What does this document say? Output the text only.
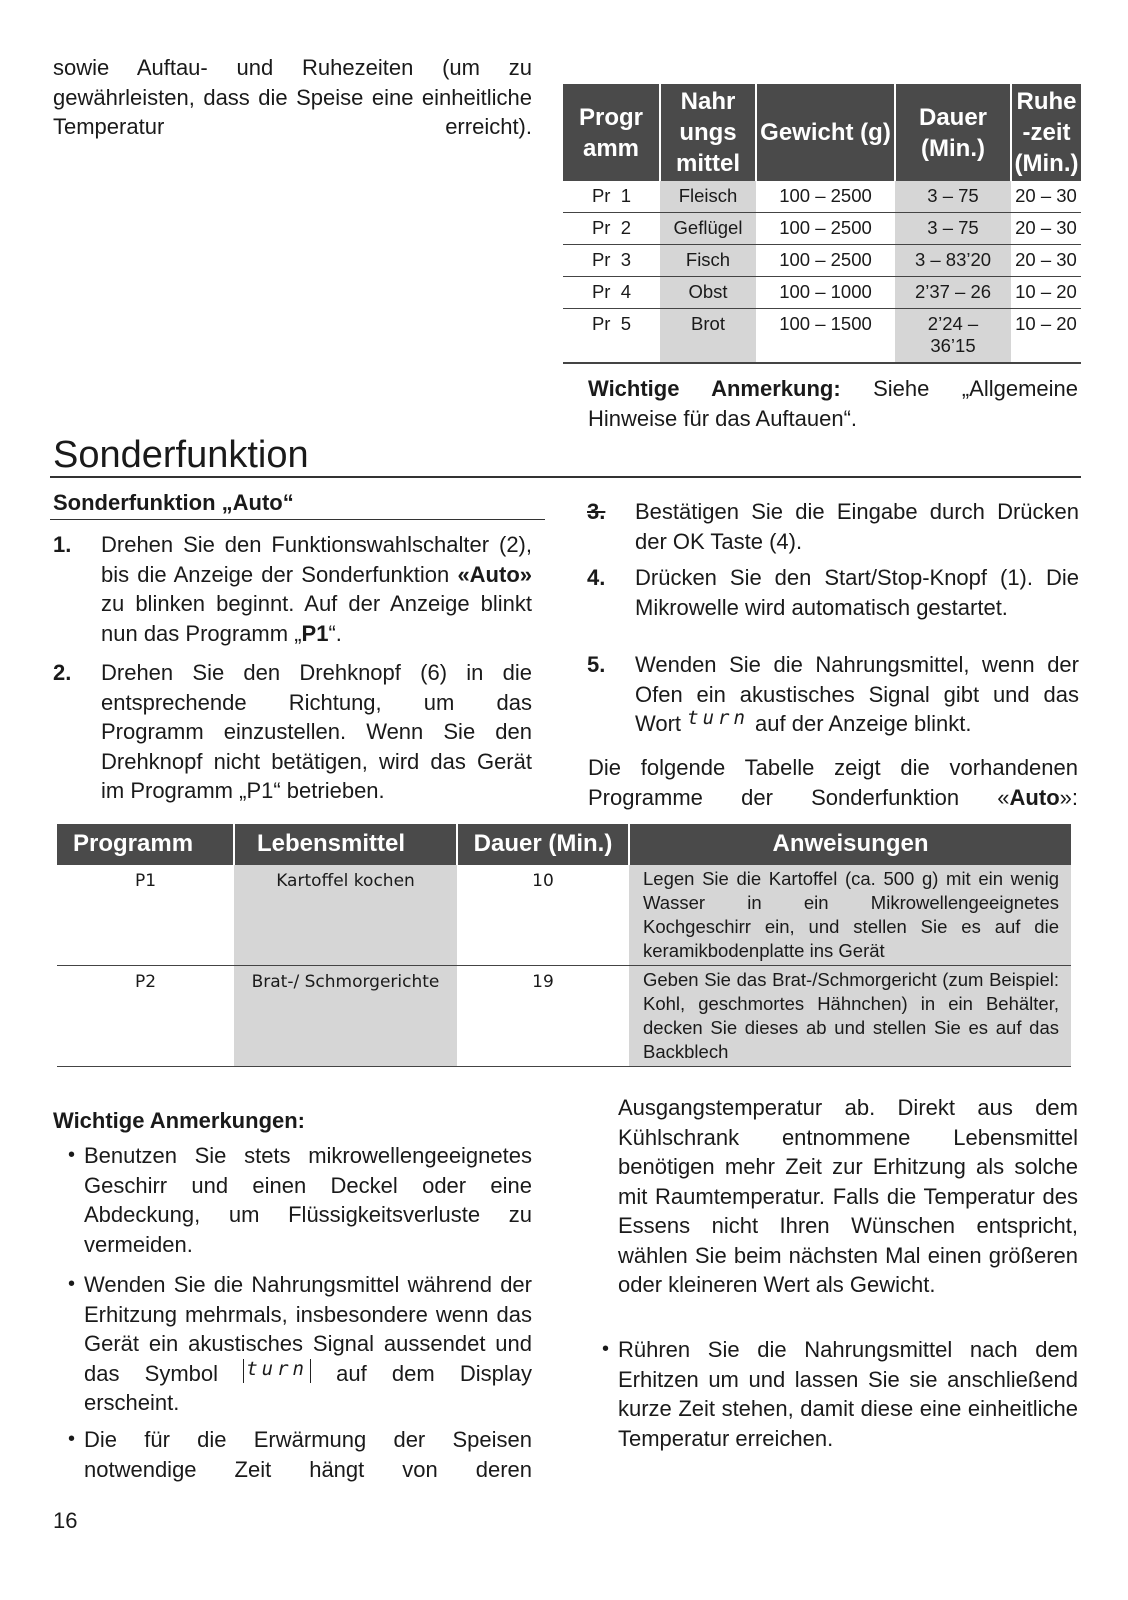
sowie Auftau- und Ruhezeiten (um zu gewährleisten, dass die Speise eine einheitliche Temperatur erreicht). Progr amm	Nahr ungs mittel	Gewicht (g)	Dauer (Min.)	Ruhe -zeit (Min.)
Pr  1	Fleisch	100 – 2500	3 – 75	20 – 30
Pr  2	Geflügel	100 – 2500	3 – 75	20 – 30
Pr  3	Fisch	100 – 2500	3 – 83’20	20 – 30
Pr  4	Obst	100 – 1000	2’37 – 26	10 – 20
Pr  5	Brot	100 – 1500	2’24 – 36’15	10 – 20

Wichtige Anmerkung: Siehe „Allgemeine Hinweise für das Auftauen“.

Sonderfunktion
Sonderfunktion „Auto“
1. Drehen Sie den Funktionswahlschalter (2), bis die Anzeige der Sonderfunktion «Auto» zu blinken beginnt. Auf der Anzeige blinkt nun das Programm „P1“.

2. Drehen Sie den Drehknopf (6) in die entsprechende Richtung, um das Programm einzustellen. Wenn Sie den Drehknopf nicht betätigen, wird das Gerät im Programm „P1“ betrieben.

3. Bestätigen Sie die Eingabe durch Drücken der OK Taste (4).

4. Drücken Sie den Start/Stop-Knopf (1). Die Mikrowelle wird automatisch gestartet.

5. Wenden Sie die Nahrungsmittel, wenn der Ofen ein akustisches Signal gibt und das Wort turn auf der Anzeige blinkt.

Die folgende Tabelle zeigt die vorhandenen Programme der Sonderfunktion «Auto»:

Programm	Lebensmittel	Dauer (Min.)	Anweisungen
P1	Kartoffel kochen	10	Legen Sie die Kartoffel (ca. 500 g) mit ein wenig Wasser in ein Mikrowellengeeignetes Kochgeschirr ein, und stellen Sie es auf die keramikbodenplatte ins Gerät
P2	Brat-/ Schmorgerichte	19	Geben Sie das Brat-/Schmorgericht (zum Beispiel: Kohl, geschmortes Hähnchen) in ein Behälter, decken Sie dieses ab und stellen Sie es auf das Backblech
Wichtige Anmerkungen:
• Benutzen Sie stets mikrowellengeeignetes Geschirr und einen Deckel oder eine Abdeckung, um Flüssigkeitsverluste zu vermeiden.

• Wenden Sie die Nahrungsmittel während der Erhitzung mehrmals, insbesondere wenn das Gerät ein akustisches Signal aussendet und das Symbol turn auf dem Display erscheint.

• Die für die Erwärmung der Speisen notwendige Zeit hängt von deren

Ausgangstemperatur ab. Direkt aus dem Kühlschrank entnommene Lebensmittel benötigen mehr Zeit zur Erhitzung als solche mit Raumtemperatur. Falls die Temperatur des Essens nicht Ihren Wünschen entspricht, wählen Sie beim nächsten Mal einen größeren oder kleineren Wert als Gewicht.

• Rühren Sie die Nahrungsmittel nach dem Erhitzen um und lassen Sie sie anschließend kurze Zeit stehen, damit diese eine einheitliche Temperatur erreichen.

16
